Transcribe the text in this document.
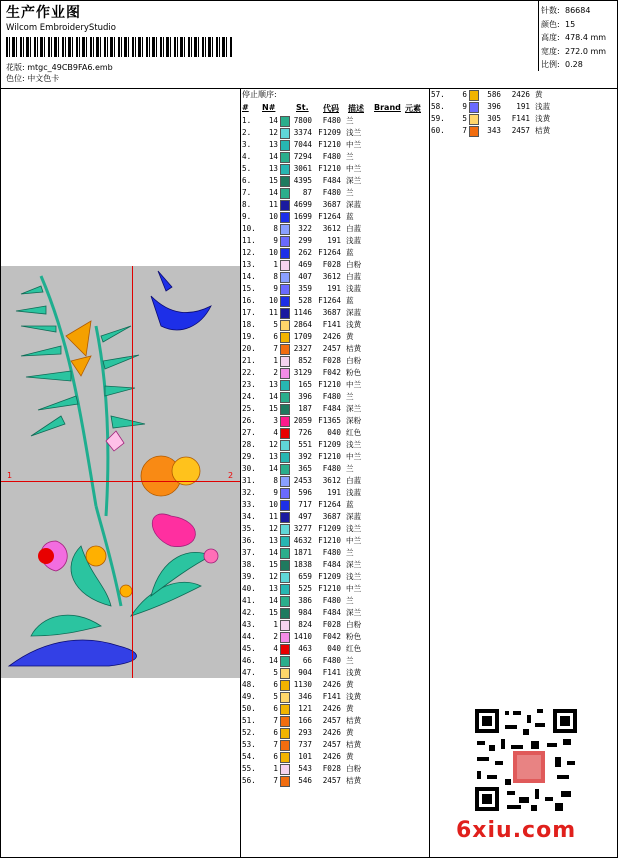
生产作业图
Wilcom EmbroideryStudio
花版: mtgc_49CB9FA6.emb
色位: 中文色卡
针数: 86684
颜色: 15
高度: 478.4 mm
宽度: 272.0 mm
比例: 0.28
停止顺序:
# N#	St. 代码 描述 Brand 元素
1.	14	7800	F480 兰
2.	12	3374 F1209 浅兰
3.	13	7044 F1210 中兰
4.	14	7294	F480 兰
5.	13	3061 F1210 中兰
6.	15	4395	F484 深兰
7.	14	87	F480 兰
8.	11	4699	3687 深蓝
9.	10	1699 F1264 蓝
10.	8	322	3612 白蓝
11.	9	299	191 浅蓝
12.	10	262 F1264 蓝
13.	1	469	F028 白粉
14.	8	407	3612 白蓝
15.	9	359	191 浅蓝
16.	10	528 F1264 蓝
17.	11	1146	3687 深蓝
18.	5	2864	F141 浅黄
19.	6	1709	2426 黄
20.	7	2327	2457 桔黄
21.	1	852	F028 白粉
22.	2	3129	F042 粉色
23.	13	165 F1210 中兰
24.	14	396	F480 兰
25.	15	187	F484 深兰
26.	3	2059 F1365 深粉
27.	4	726	040 红色
28.	12	551 F1209 浅兰
29.	13	392 F1210 中兰
30.	14	365	F480 兰
31.	8	2453	3612 白蓝
32.	9	596	191 浅蓝
33.	10	717 F1264 蓝
34.	11	497	3687 深蓝
35.	12	3277 F1209 浅兰
36.	13	4632 F1210 中兰
37.	14	1871	F480 兰
38.	15	1838	F484 深兰
39.	12	659 F1209 浅兰
40.	13	525 F1210 中兰
41.	14	386	F480 兰
42.	15	984	F484 深兰
43.	1	824	F028 白粉
44.	2	1410	F042 粉色
45.	4	463	040 红色
46.	14	66	F480 兰
47.	5	904	F141 浅黄
48.	6	1130	2426 黄
49.	5	346	F141 浅黄
50.	6	121	2426 黄
51.	7	166	2457 桔黄
52.	6	293	2426 黄
53.	7	737	2457 桔黄
54.	6	101	2426 黄
55.	1	543	F028 白粉
56.	7	546	2457 桔黄
57.	6	586	2426 黄
58.	9	396	191 浅蓝
59.	5	305	F141 浅黄
60.	7	343	2457 桔黄
1	2
6xiu.com
